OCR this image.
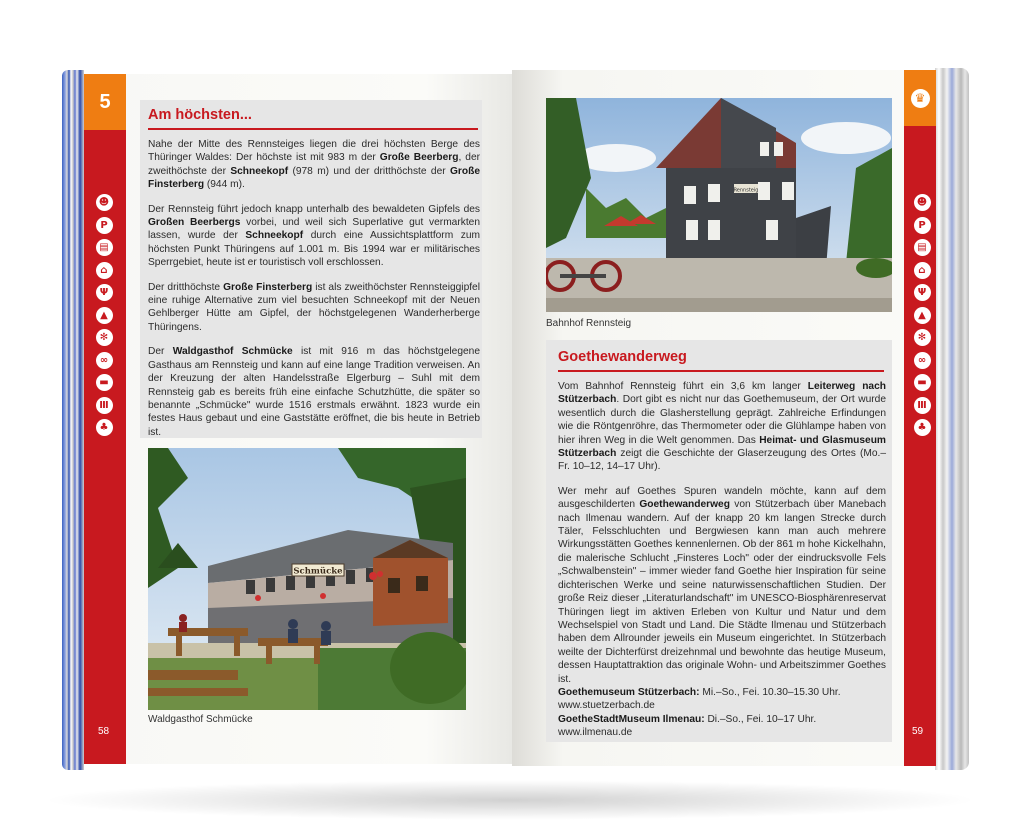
5
☻
P
▤
⌂
Ψ
▲
✻
∞
▬
Ⅲ
♣
58
Am höchsten...

Nahe der Mitte des Rennsteiges liegen die drei höchsten Berge des Thüringer Waldes: Der höchste ist mit 983 m der Große Beerberg, der zweithöchste der Schneekopf (978 m) und der dritthöchste der Große Finsterberg (944 m).

Der Rennsteig führt jedoch knapp unterhalb des bewaldeten Gipfels des Großen Beerbergs vorbei, und weil sich Superlative gut vermarkten lassen, wurde der Schneekopf durch eine Aussichtsplattform zum höchsten Punkt Thüringens auf 1.001 m. Bis 1994 war er militärisches Sperrgebiet, heute ist er touristisch voll erschlossen.

Der dritthöchste Große Finsterberg ist als zweithöchster Rennsteiggipfel eine ruhige Alternative zum viel besuchten Schneekopf mit der Neuen Gehlberger Hütte am Gipfel, der höchstgelegenen Wanderherberge Thüringens.

Der Waldgasthof Schmücke ist mit 916 m das höchstgelegene Gasthaus am Rennsteig und kann auf eine lange Tradition verweisen. An der Kreuzung der alten Handelsstraße Elgerburg – Suhl mit dem Rennsteig gab es bereits früh eine einfache Schutzhütte, die später so benannte „Schmücke" wurde 1516 erstmals erwähnt. 1823 wurde ein festes Haus gebaut und eine Gaststätte eröffnet, die bis heute in Betrieb ist.

Schmücke
Waldgasthof Schmücke
♛
☻
P
▤
⌂
Ψ
▲
✻
∞
▬
Ⅲ
♣
59
Rennsteig
Bahnhof Rennsteig
Goethewanderweg

Vom Bahnhof Rennsteig führt ein 3,6 km langer Leiterweg nach Stützerbach. Dort gibt es nicht nur das Goethemuseum, der Ort wurde wesentlich durch die Glasherstellung geprägt. Zahlreiche Erfindungen wie die Röntgenröhre, das Thermometer oder die Glühlampe haben von hier ihren Weg in die Welt genommen. Das Heimat- und Glasmuseum Stützerbach zeigt die Geschichte der Glaserzeugung des Ortes (Mo.–Fr. 10–12, 14–17 Uhr).

Wer mehr auf Goethes Spuren wandeln möchte, kann auf dem ausgeschilderten Goethewanderweg von Stützerbach über Manebach nach Ilmenau wandern. Auf der knapp 20 km langen Strecke durch Täler, Felsschluchten und Bergwiesen kann man auch mehrere Wirkungsstätten Goethes kennenlernen. Ob der 861 m hohe Kickelhahn, die malerische Schlucht „Finsteres Loch" oder der eindrucksvolle Fels „Schwalbenstein" – immer wieder fand Goethe hier Inspiration für seine dichterischen Werke und seine naturwissenschaftlichen Studien. Der große Reiz dieser „Literaturlandschaft" im UNESCO-Biosphärenreservat Thüringen liegt im aktiven Erleben von Kultur und Natur und dem Wechselspiel von Stadt und Land. Die Städte Ilmenau und Stützerbach haben dem Allrounder jeweils ein Museum eingerichtet. In Stützerbach weilte der Dichterfürst dreizehnmal und bewohnte das heutige Museum, dessen Hauptattraktion das originale Wohn- und Arbeitszimmer Goethes ist.

Goethemuseum Stützerbach: Mi.–So., Fei. 10.30–15.30 Uhr.

www.stuetzerbach.de

GoetheStadtMuseum Ilmenau: Di.–So., Fei. 10–17 Uhr.

www.ilmenau.de
